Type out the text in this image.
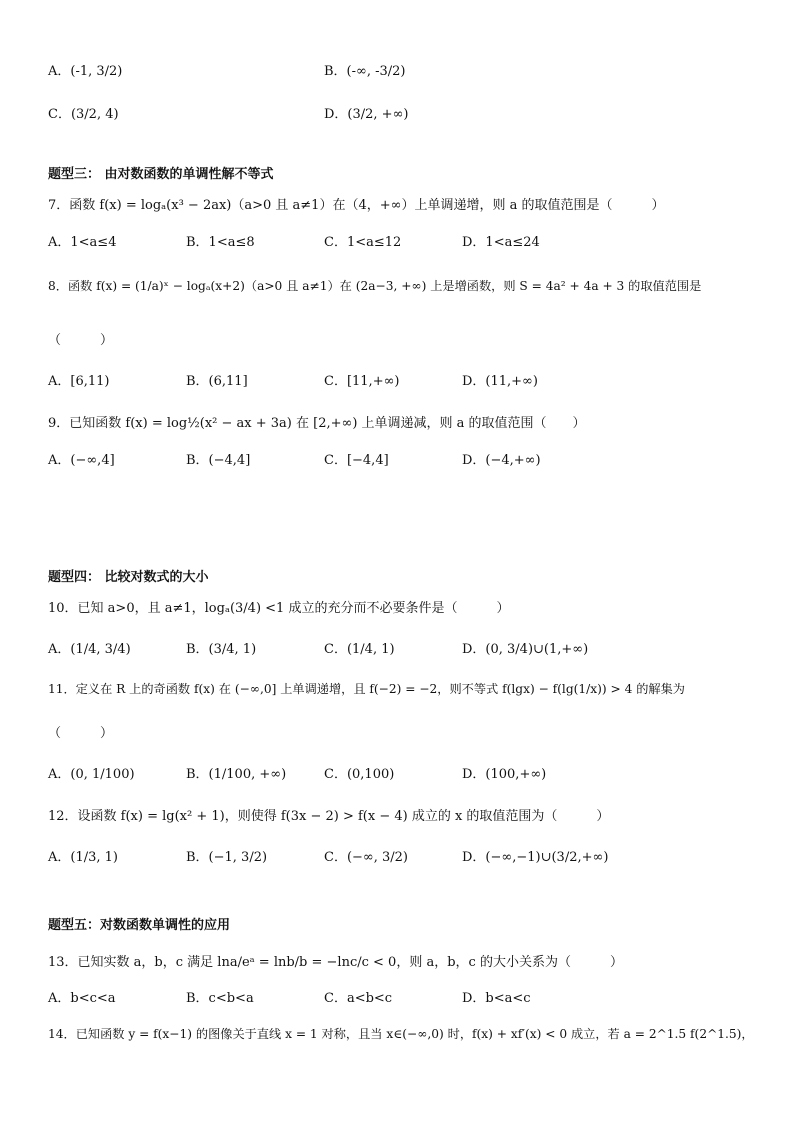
A．(-1, 3/2)	B．(-∞, -3/2)
C．(3/2, 4)	D．(3/2, +∞)
题型三： 由对数函数的单调性解不等式
7．函数 f(x) = logₐ(x³ − 2ax)（a>0 且 a≠1）在（4，+∞）上单调递增，则 a 的取值范围是（　　　）
A．1<a≤4	B．1<a≤8	C．1<a≤12	D．1<a≤24
8．函数 f(x) = (1/a)ˣ − logₐ(x+2)（a>0 且 a≠1）在 (2a−3, +∞) 上是增函数，则 S = 4a² + 4a + 3 的取值范围是
（　　　）
A．[6,11)	B．(6,11]	C．[11,+∞)	D．(11,+∞)
9．已知函数 f(x) = log½(x² − ax + 3a) 在 [2,+∞) 上单调递减，则 a 的取值范围（　　）
A．(−∞,4]	B．(−4,4]	C．[−4,4]	D．(−4,+∞)
题型四： 比较对数式的大小
10．已知 a>0，且 a≠1，logₐ(3/4) <1 成立的充分而不必要条件是（　　　）
A．(1/4, 3/4)	B．(3/4, 1)	C．(1/4, 1)	D．(0, 3/4)∪(1,+∞)
11．定义在 R 上的奇函数 f(x) 在 (−∞,0] 上单调递增，且 f(−2) = −2，则不等式 f(lgx) − f(lg(1/x)) > 4 的解集为
（　　　）
A．(0, 1/100)	B．(1/100, +∞)	C．(0,100)	D．(100,+∞)
12．设函数 f(x) = lg(x² + 1)，则使得 f(3x − 2) > f(x − 4) 成立的 x 的取值范围为（　　　）
A．(1/3, 1)	B．(−1, 3/2)	C．(−∞, 3/2)	D．(−∞,−1)∪(3/2,+∞)
题型五：对数函数单调性的应用
13．已知实数 a，b，c 满足 lna/eᵃ = lnb/b = −lnc/c < 0，则 a，b，c 的大小关系为（　　　）
A．b<c<a	B．c<b<a	C．a<b<c	D．b<a<c
14．已知函数 y = f(x−1) 的图像关于直线 x = 1 对称，且当 x∈(−∞,0) 时，f(x) + xf′(x) < 0 成立，若 a = 2^1.5 f(2^1.5)，
